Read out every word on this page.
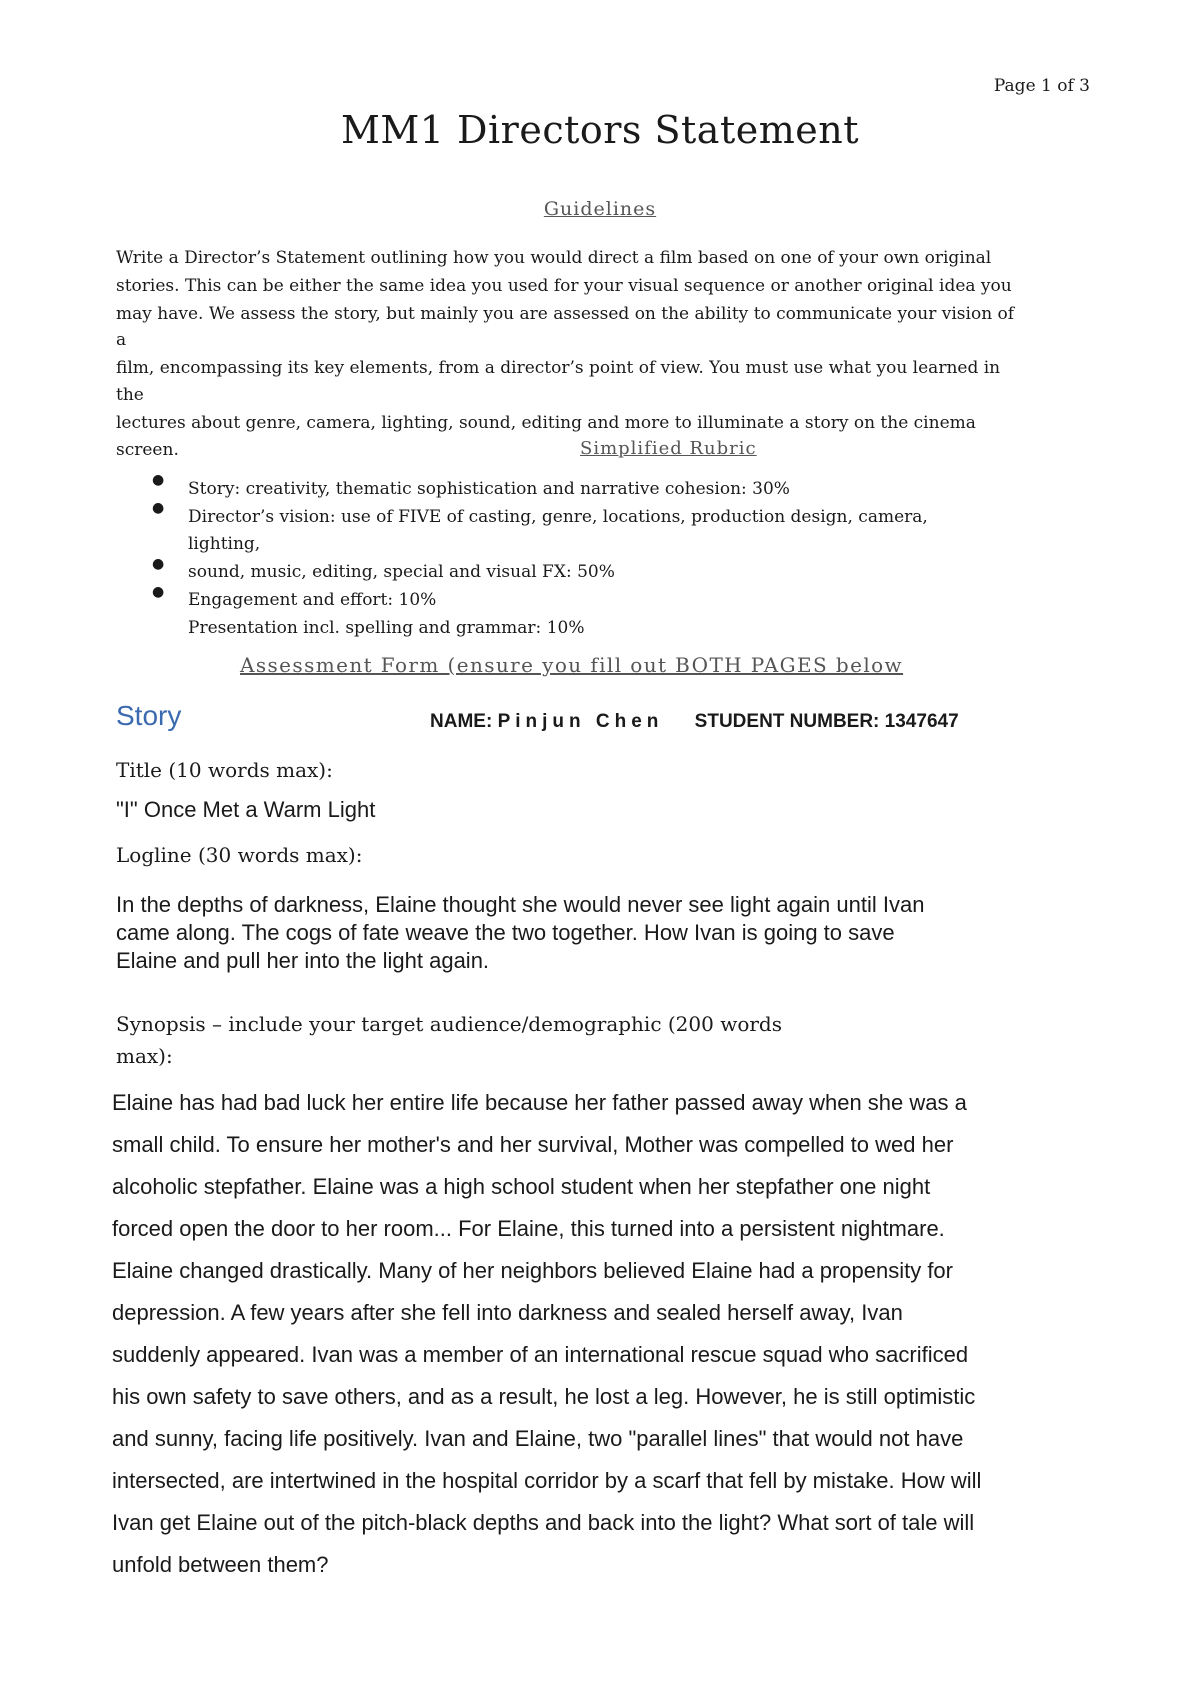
Page 1 of 3
MM1 Directors Statement
Guidelines
Write a Director’s Statement outlining how you would direct a film based on one of your own original
stories. This can be either the same idea you used for your visual sequence or another original idea you
may have. We assess the story, but mainly you are assessed on the ability to communicate your vision of
a
film, encompassing its key elements, from a director’s point of view. You must use what you learned in
the
lectures about genre, camera, lighting, sound, editing and more to illuminate a story on the cinema
screen.	Simplified Rubric
●
●
●
●
Story: creativity, thematic sophistication and narrative cohesion: 30%
Director’s vision: use of FIVE of casting, genre, locations, production design, camera,
lighting,
sound, music, editing, special and visual FX: 50%
Engagement and effort: 10%
Presentation incl. spelling and grammar: 10%
Assessment Form (ensure you fill out BOTH PAGES below
Story	NAME: Pinjun Chen STUDENT NUMBER: 1347647
Title (10 words max):
"I" Once Met a Warm Light
Logline (30 words max):
In the depths of darkness, Elaine thought she would never see light again until Ivan
came along. The cogs of fate weave the two together. How Ivan is going to save
Elaine and pull her into the light again.
Synopsis – include your target audience/demographic (200 words
max):
Elaine has had bad luck her entire life because her father passed away when she was a
small child. To ensure her mother's and her survival, Mother was compelled to wed her
alcoholic stepfather. Elaine was a high school student when her stepfather one night
forced open the door to her room... For Elaine, this turned into a persistent nightmare.
Elaine changed drastically. Many of her neighbors believed Elaine had a propensity for
depression. A few years after she fell into darkness and sealed herself away, Ivan
suddenly appeared. Ivan was a member of an international rescue squad who sacrificed
his own safety to save others, and as a result, he lost a leg. However, he is still optimistic
and sunny, facing life positively. Ivan and Elaine, two "parallel lines" that would not have
intersected, are intertwined in the hospital corridor by a scarf that fell by mistake. How will
Ivan get Elaine out of the pitch-black depths and back into the light? What sort of tale will
unfold between them?
